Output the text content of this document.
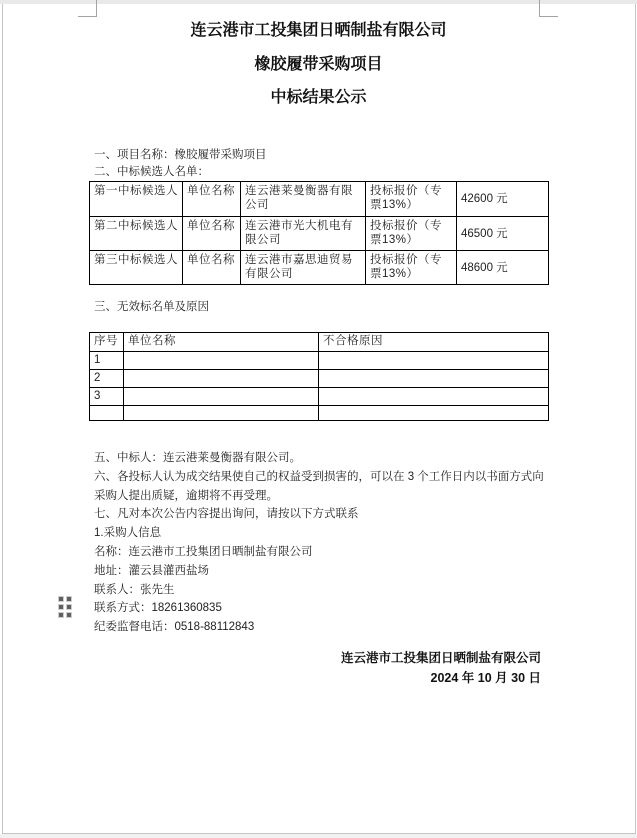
连云港市工投集团日晒制盐有限公司
橡胶履带采购项目
中标结果公示
一、项目名称：橡胶履带采购项目
二、中标候选人名单：
第一中标候选人	单位名称	连云港莱曼衡器有限公司	投标报价（专票13%）	42600 元
第二中标候选人	单位名称	连云港市光大机电有限公司	投标报价（专票13%）	46500 元
第三中标候选人	单位名称	连云港市嘉思迪贸易有限公司	投标报价（专票13%）	48600 元
三、无效标名单及原因
序号	单位名称	不合格原因
1		
2		
3		

五、中标人：连云港莱曼衡器有限公司。

六、各投标人认为成交结果使自己的权益受到损害的，可以在 3 个工作日内以书面方式向采购人提出质疑，逾期将不再受理。

七、凡对本次公告内容提出询问，请按以下方式联系

1.采购人信息

名称：连云港市工投集团日晒制盐有限公司

地址：灌云县灌西盐场

联系人：张先生

联系方式：18261360835

纪委监督电话：0518-88112843

连云港市工投集团日晒制盐有限公司
2024 年 10 月 30 日
